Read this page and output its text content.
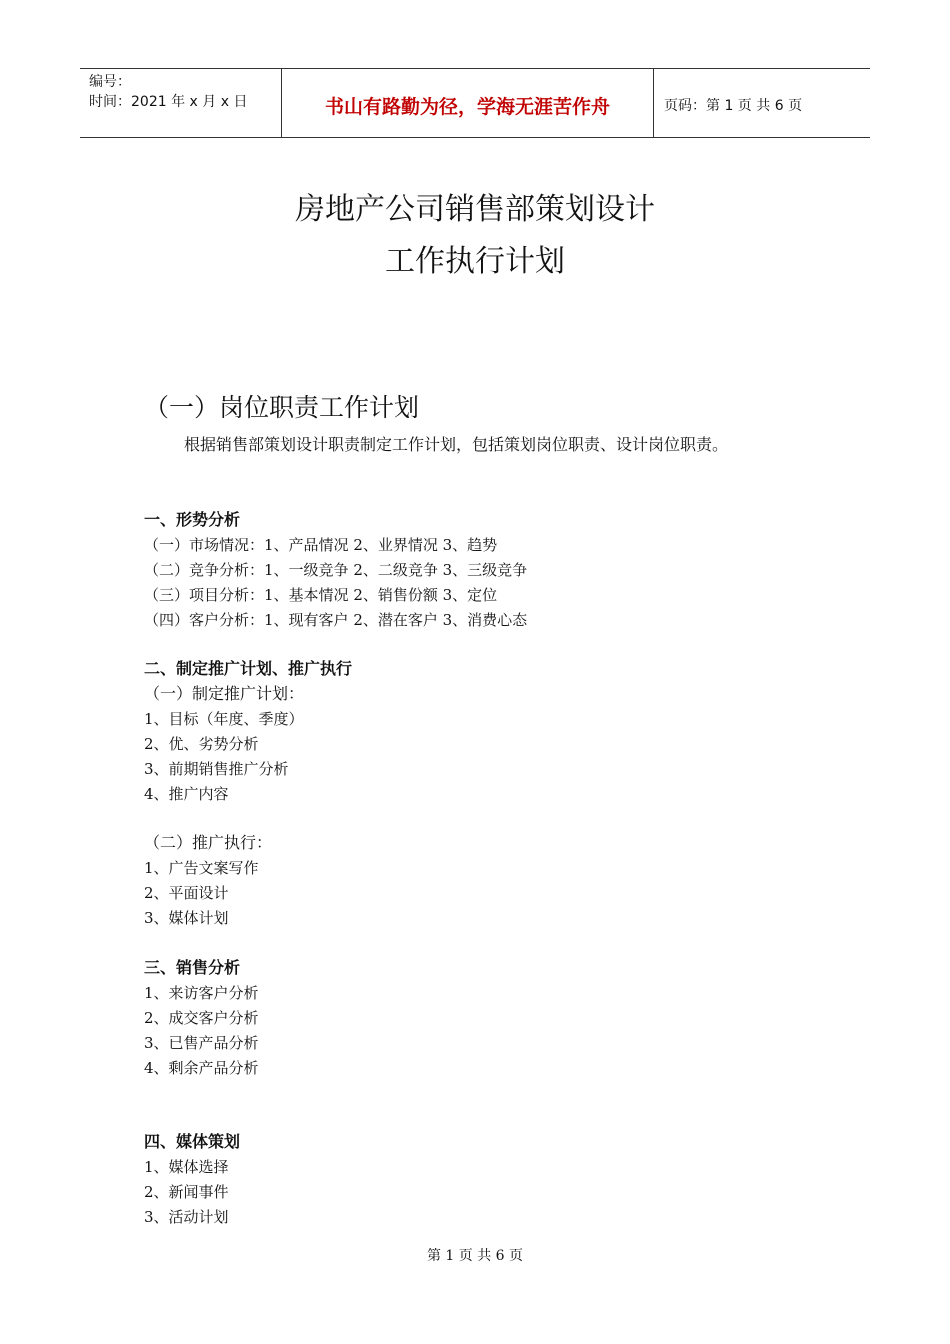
编号：
时间：2021 年 x 月 x 日	书山有路勤为径，学海无涯苦作舟	页码：第 1 页 共 6 页
房地产公司销售部策划设计
工作执行计划
（一）岗位职责工作计划
根据销售部策划设计职责制定工作计划，包括策划岗位职责、设计岗位职责。
一、形势分析
（一）市场情况：1、产品情况 2、业界情况 3、趋势
（二）竞争分析：1、一级竞争 2、二级竞争 3、三级竞争
（三）项目分析：1、基本情况 2、销售份额 3、定位
（四）客户分析：1、现有客户 2、潜在客户 3、消费心态
二、制定推广计划、推广执行
（一）制定推广计划：
1、目标（年度、季度）
2、优、劣势分析
3、前期销售推广分析
4、推广内容
（二）推广执行：
1、广告文案写作
2、平面设计
3、媒体计划
三、销售分析
1、来访客户分析
2、成交客户分析
3、已售产品分析
4、剩余产品分析
四、媒体策划
1、媒体选择
2、新闻事件
3、活动计划
第 1 页 共 6 页
